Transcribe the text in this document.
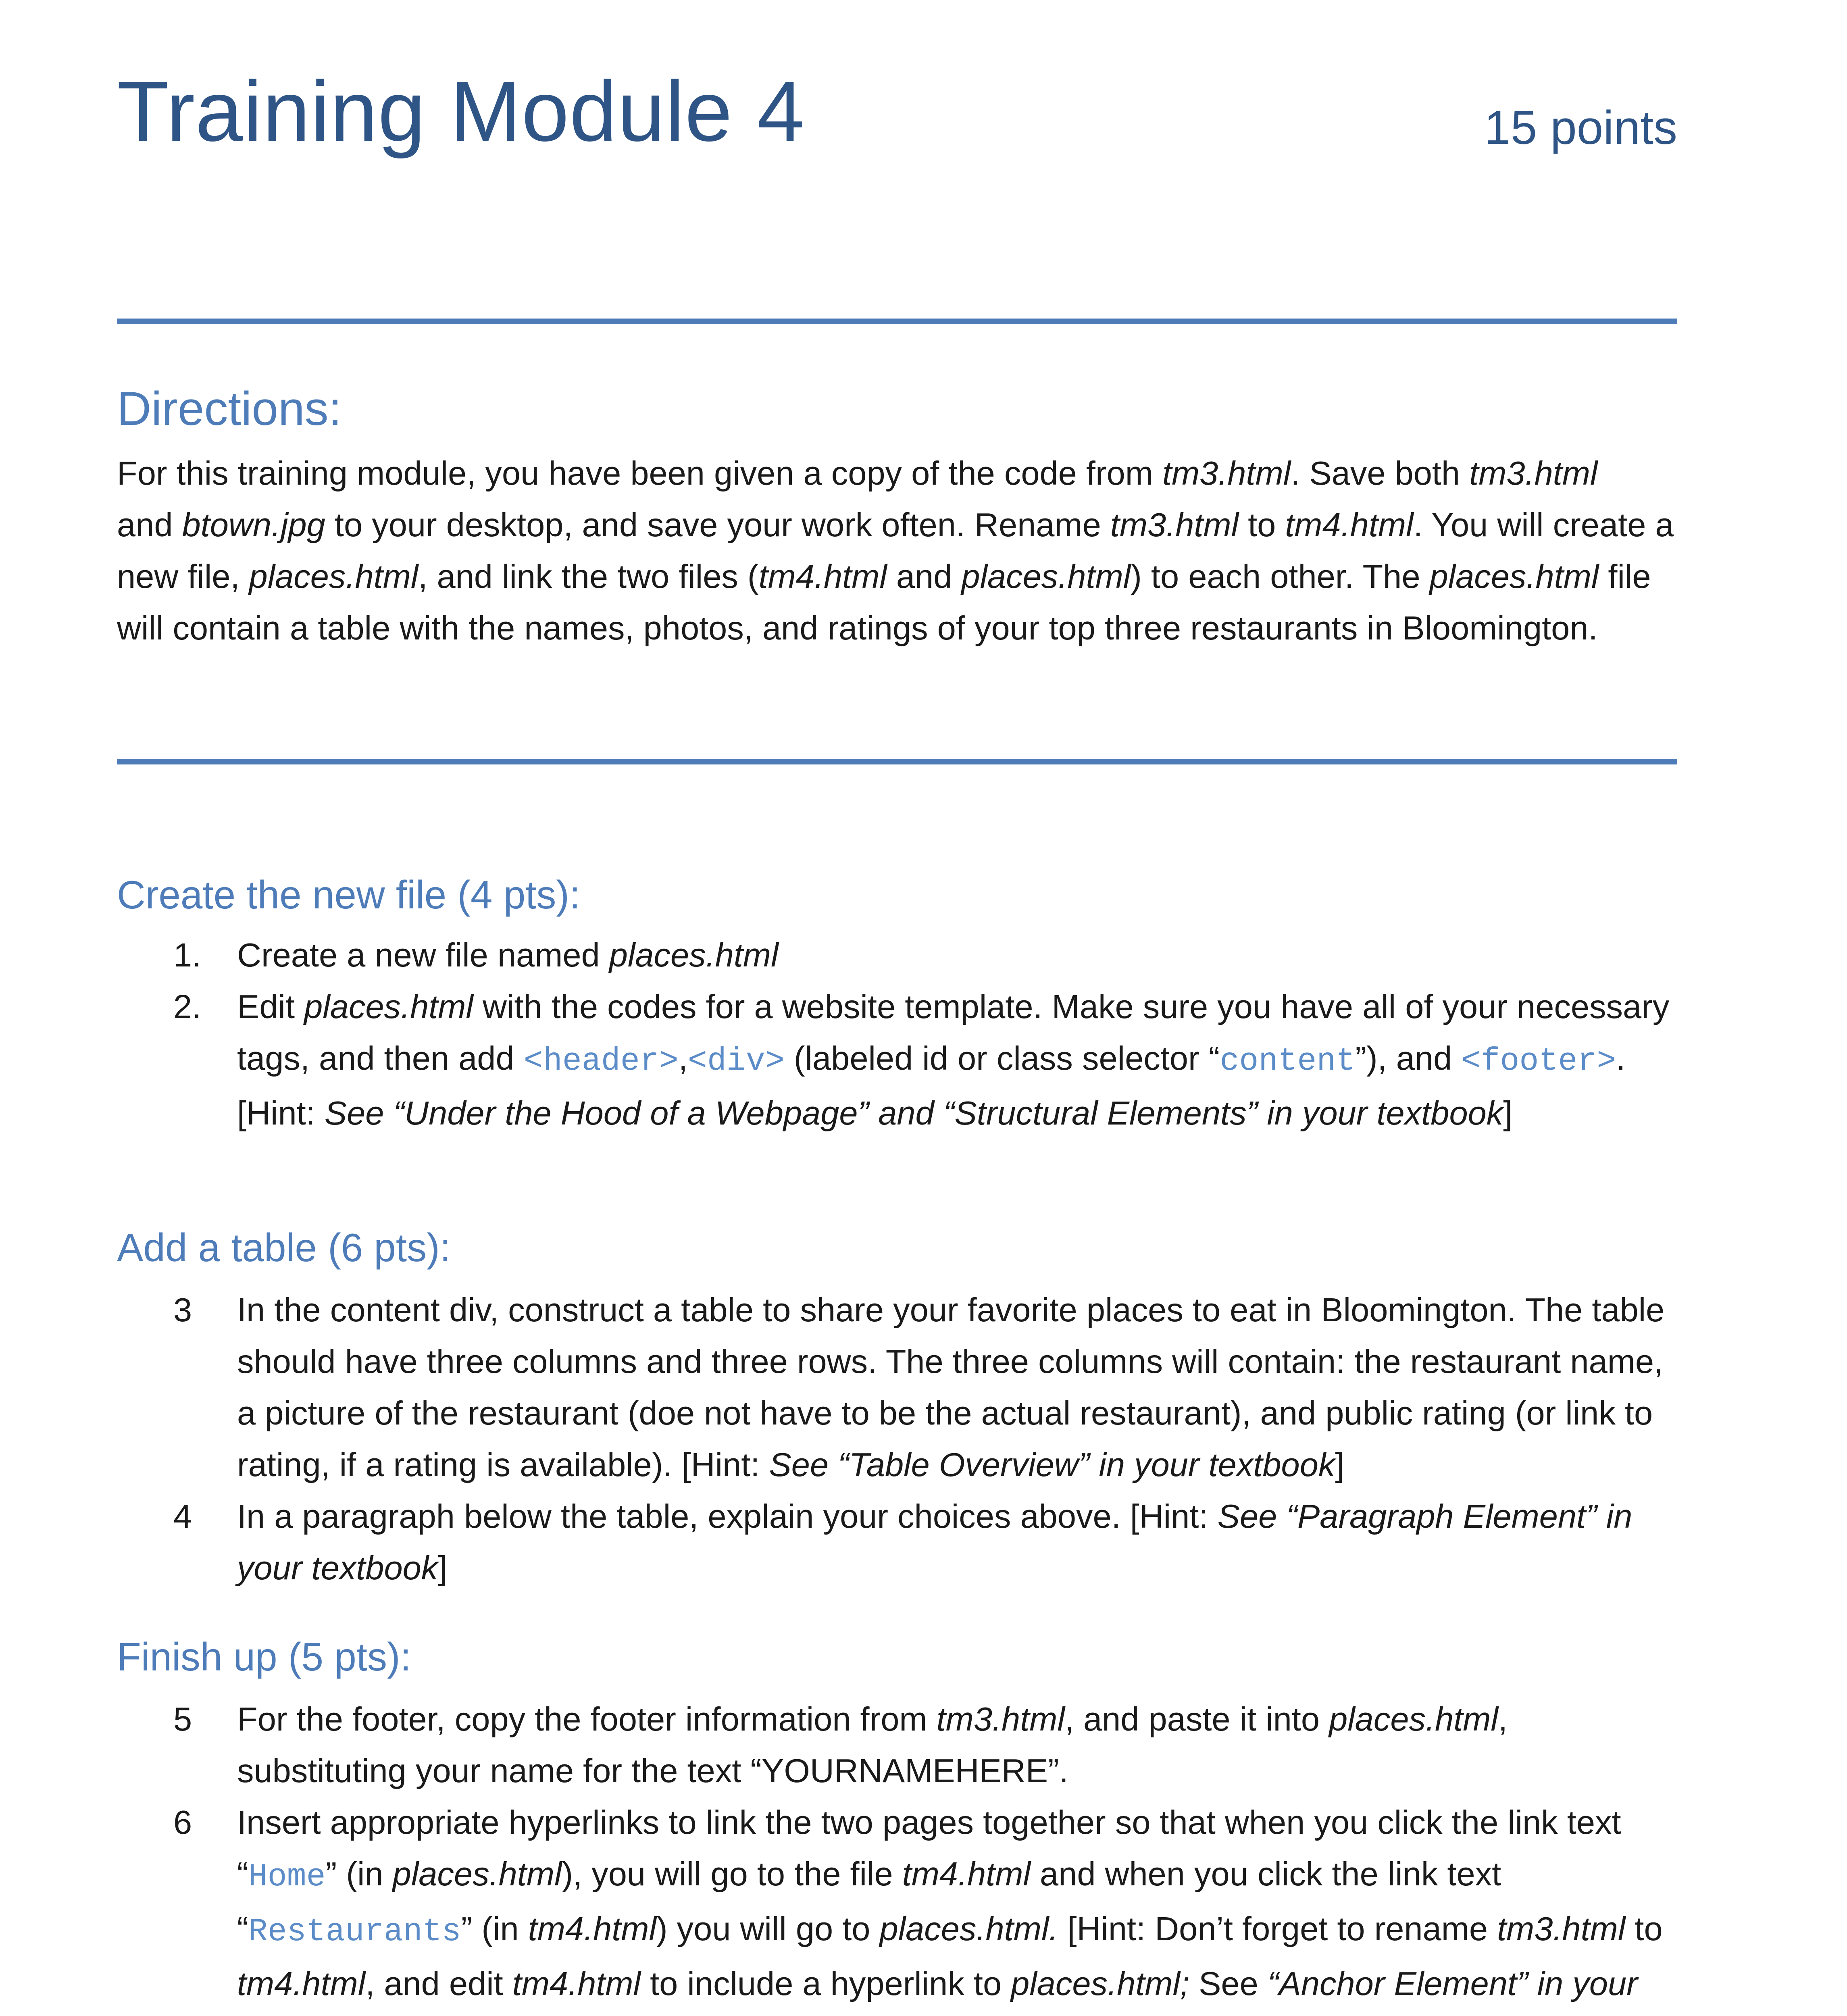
Training Module 4	15 points
Directions:
For this training module, you have been given a copy of the code from tm3.html. Save both tm3.html
and btown.jpg to your desktop, and save your work often. Rename tm3.html to tm4.html. You will create a new file, places.html, and link the two files (tm4.html and places.html) to each other. The places.html file will contain a table with the names, photos, and ratings of your top three restaurants in Bloomington.
Create the new file (4 pts):
1. Create a new file named places.html
2. Edit places.html with the codes for a website template. Make sure you have all of your necessary tags, and then add <header>,<div> (labeled id or class selector “content”), and <footer>. [Hint: See “Under the Hood of a Webpage” and “Structural Elements” in your textbook]
Add a table (6 pts):
3 In the content div, construct a table to share your favorite places to eat in Bloomington. The table should have three columns and three rows. The three columns will contain: the restaurant name, a picture of the restaurant (doe not have to be the actual restaurant), and public rating (or link to rating, if a rating is available). [Hint: See “Table Overview” in your textbook]
4 In a paragraph below the table, explain your choices above. [Hint: See “Paragraph Element” in your textbook]
Finish up (5 pts):
5 For the footer, copy the footer information from tm3.html, and paste it into places.html, substituting your name for the text “YOURNAMEHERE”.
6 Insert appropriate hyperlinks to link the two pages together so that when you click the link text “Home” (in places.html), you will go to the file tm4.html and when you click the link text “Restaurants” (in tm4.html) you will go to places.html. [Hint: Don’t forget to rename tm3.html to tm4.html, and edit tm4.html to include a hyperlink to places.html; See “Anchor Element” in your
